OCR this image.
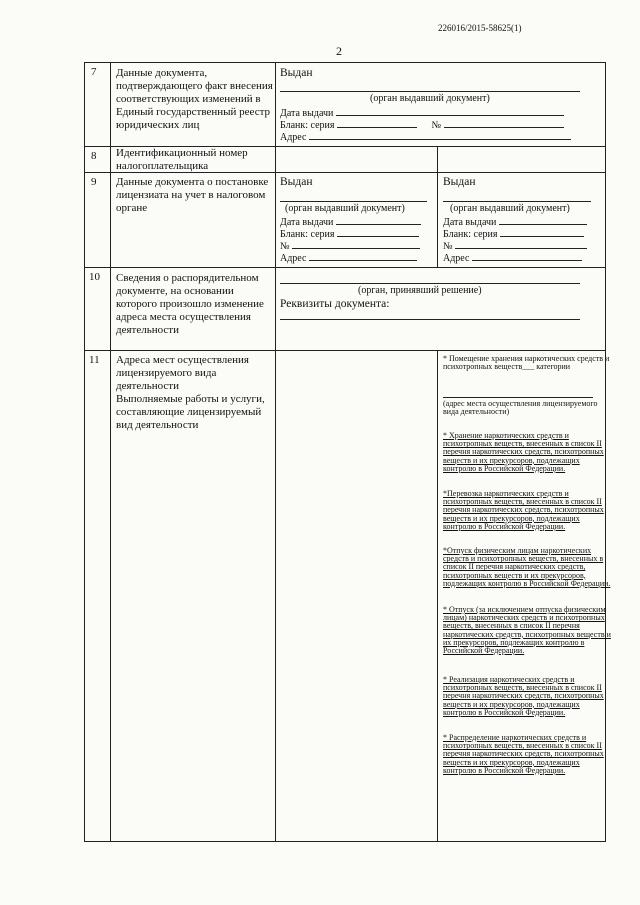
226016/2015-58625(1)
2
7 Данные документа, подтверждающего факт внесения соответствующих изменений в Единый государственный реестр юридических лиц
Выдан
(орган выдавший документ)
Дата выдачи
Бланк: серия	№
Адрес
8 Идентификационный номер налогоплательщика
9 Данные документа о постановке лицензиата на учет в налоговом органе
Выдан
(орган выдавший документ)
Дата выдачи
Бланк: серия
№
Адрес
Выдан
(орган выдавший документ)
Дата выдачи
Бланк: серия
№
Адрес
10 Сведения о распорядительном документе, на основании которого произошло изменение адреса места осуществления деятельности
(орган, принявший решение)
Реквизиты документа:
11 Адреса мест осуществления лицензируемого вида деятельности
Выполняемые работы и услуги, составляющие лицензируемый вид деятельности
* Помещение хранения наркотических средств и психотропных веществ___ категории
(адрес места осуществления лицензируемого вида деятельности)
* Хранение наркотических средств и психотропных веществ, внесенных в список II перечня наркотических средств, психотропных веществ и их прекурсоров, подлежащих контролю в Российской Федерации.
*Перевозка наркотических средств и психотропных веществ, внесенных в список II перечня наркотических средств, психотропных веществ и их прекурсоров, подлежащих контролю в Российской Федерации.
*Отпуск физическим лицам наркотических средств и психотропных веществ, внесенных в список II перечня наркотических средств, психотропных веществ и их прекурсоров, подлежащих контролю в Российской Федерации.
* Отпуск (за исключением отпуска физическим лицам) наркотических средств и психотропных веществ, внесенных в список II перечня наркотических средств, психотропных веществ и их прекурсоров, подлежащих контролю в Российской Федерации.
* Реализация наркотических средств и психотропных веществ, внесенных в список II перечня наркотических средств, психотропных веществ и их прекурсоров, подлежащих контролю в Российской Федерации.
* Распределение наркотических средств и психотропных веществ, внесенных в список II перечня наркотических средств, психотропных веществ и их прекурсоров, подлежащих контролю в Российской Федерации.
